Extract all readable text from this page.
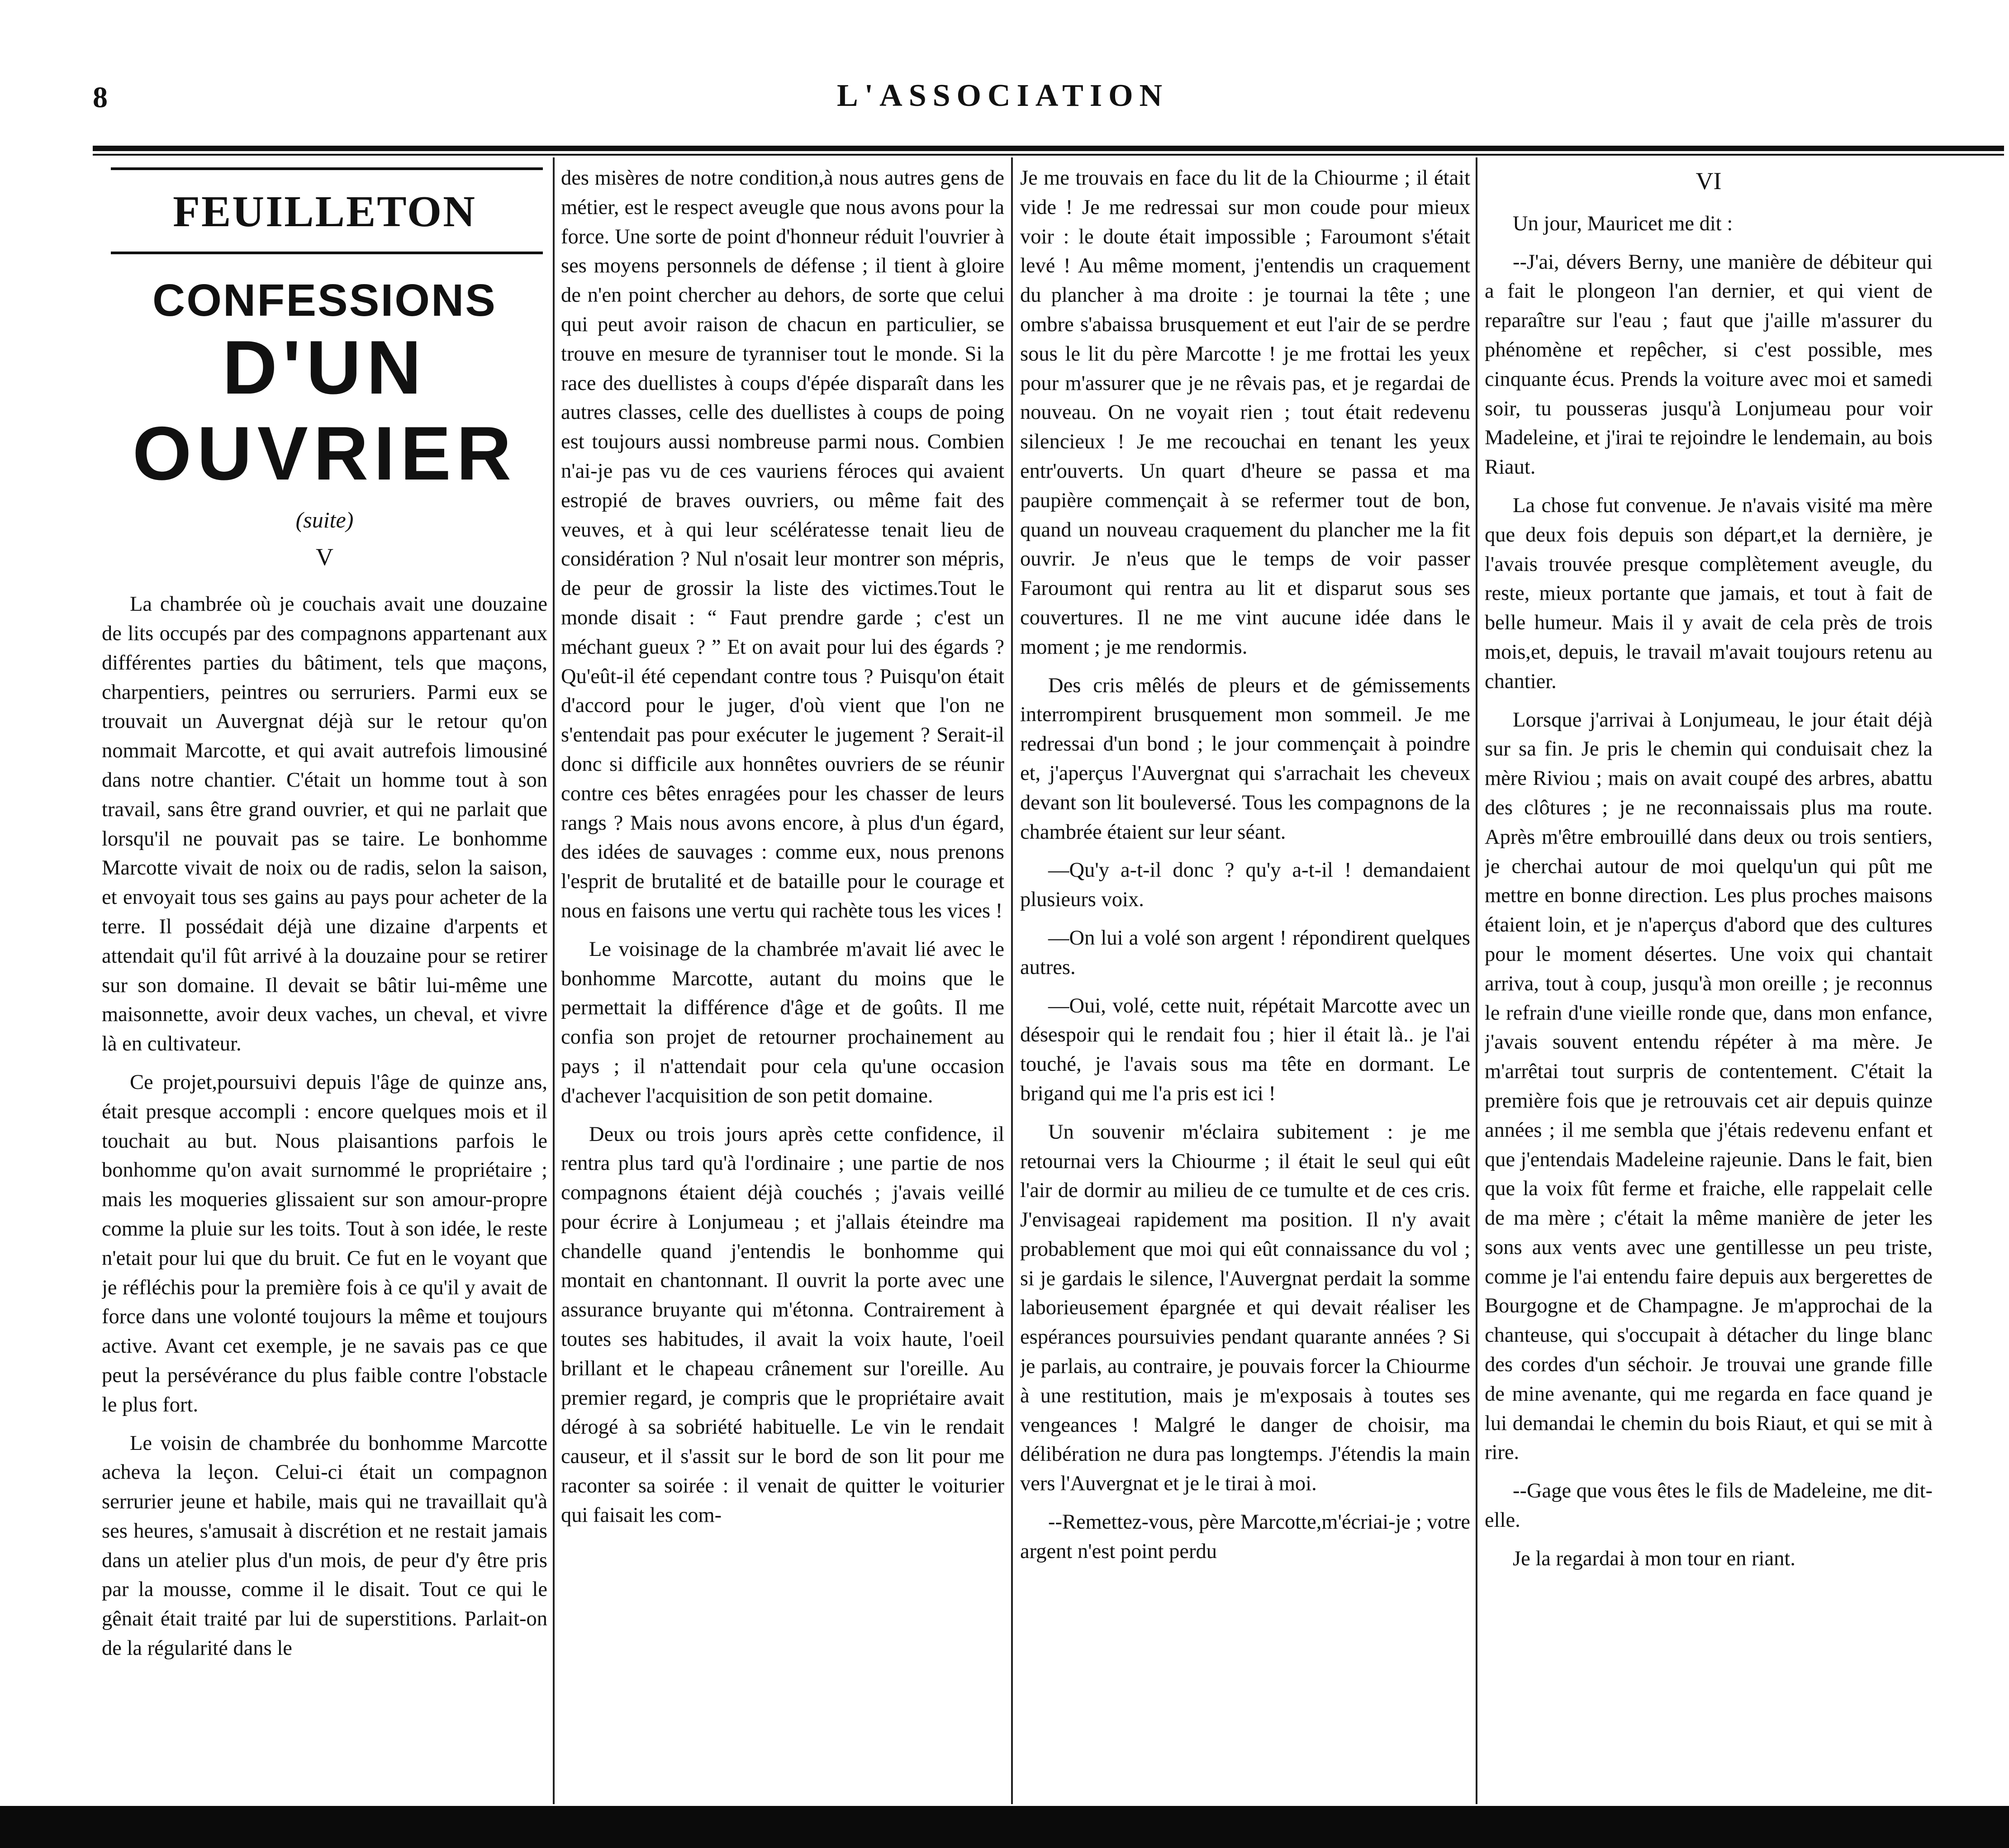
8	L'ASSOCIATION
FEUILLETON
CONFESSIONS
D'UN OUVRIER
(suite)
V

La chambrée où je couchais avait une douzaine de lits occupés par des compagnons appartenant aux différentes parties du bâtiment, tels que maçons, charpentiers, peintres ou serruriers. Parmi eux se trouvait un Auvergnat déjà sur le retour qu'on nommait Marcotte, et qui avait autrefois limousiné dans notre chantier. C'était un homme tout à son travail, sans être grand ouvrier, et qui ne parlait que lorsqu'il ne pouvait pas se taire. Le bonhomme Marcotte vivait de noix ou de radis, selon la saison, et envoyait tous ses gains au pays pour acheter de la terre. Il possédait déjà une dizaine d'arpents et attendait qu'il fût arrivé à la douzaine pour se retirer sur son domaine. Il devait se bâtir lui-même une maisonnette, avoir deux vaches, un cheval, et vivre là en cultivateur.

Ce projet,poursuivi depuis l'âge de quinze ans, était presque accompli : encore quelques mois et il touchait au but. Nous plaisantions parfois le bonhomme qu'on avait surnommé le propriétaire ; mais les moqueries glissaient sur son amour-propre comme la pluie sur les toits. Tout à son idée, le reste n'etait pour lui que du bruit. Ce fut en le voyant que je réfléchis pour la première fois à ce qu'il y avait de force dans une volonté toujours la même et toujours active. Avant cet exemple, je ne savais pas ce que peut la persévérance du plus faible contre l'obstacle le plus fort.

Le voisin de chambrée du bonhomme Marcotte acheva la leçon. Celui-ci était un compagnon serrurier jeune et habile, mais qui ne travaillait qu'à ses heures, s'amusait à discrétion et ne restait jamais dans un atelier plus d'un mois, de peur d'y être pris par la mousse, comme il le disait. Tout ce qui le gênait était traité par lui de superstitions. Parlait-on de la régularité dans le

des misères de notre condition,à nous autres gens de métier, est le respect aveugle que nous avons pour la force. Une sorte de point d'honneur réduit l'ouvrier à ses moyens personnels de défense ; il tient à gloire de n'en point chercher au dehors, de sorte que celui qui peut avoir raison de chacun en particulier, se trouve en mesure de tyranniser tout le monde. Si la race des duellistes à coups d'épée disparaît dans les autres classes, celle des duellistes à coups de poing est toujours aussi nombreuse parmi nous. Combien n'ai-je pas vu de ces vauriens féroces qui avaient estropié de braves ouvriers, ou même fait des veuves, et à qui leur scélératesse tenait lieu de considération ? Nul n'osait leur montrer son mépris, de peur de grossir la liste des victimes.Tout le monde disait : “ Faut prendre garde ; c'est un méchant gueux ? ” Et on avait pour lui des égards ? Qu'eût-il été cependant contre tous ? Puisqu'on était d'accord pour le juger, d'où vient que l'on ne s'entendait pas pour exécuter le jugement ? Serait-il donc si difficile aux honnêtes ouvriers de se réunir contre ces bêtes enragées pour les chasser de leurs rangs ? Mais nous avons encore, à plus d'un égard, des idées de sauvages : comme eux, nous prenons l'esprit de brutalité et de bataille pour le courage et nous en faisons une vertu qui rachète tous les vices !

Le voisinage de la chambrée m'avait lié avec le bonhomme Marcotte, autant du moins que le permettait la différence d'âge et de goûts. Il me confia son projet de retourner prochainement au pays ; il n'attendait pour cela qu'une occasion d'achever l'acquisition de son petit domaine.

Deux ou trois jours après cette confidence, il rentra plus tard qu'à l'ordinaire ; une partie de nos compagnons étaient déjà couchés ; j'avais veillé pour écrire à Lonjumeau ; et j'allais éteindre ma chandelle quand j'entendis le bonhomme qui montait en chantonnant. Il ouvrit la porte avec une assurance bruyante qui m'étonna. Contrairement à toutes ses habitudes, il avait la voix haute, l'oeil brillant et le chapeau crânement sur l'oreille. Au premier regard, je compris que le propriétaire avait dérogé à sa sobriété habituelle. Le vin le rendait causeur, et il s'assit sur le bord de son lit pour me raconter sa soirée : il venait de quitter le voiturier qui faisait les com-

Je me trouvais en face du lit de la Chiourme ; il était vide ! Je me redressai sur mon coude pour mieux voir : le doute était impossible ; Faroumont s'était levé ! Au même moment, j'entendis un craquement du plancher à ma droite : je tournai la tête ; une ombre s'abaissa brusquement et eut l'air de se perdre sous le lit du père Marcotte ! je me frottai les yeux pour m'assurer que je ne rêvais pas, et je regardai de nouveau. On ne voyait rien ; tout était redevenu silencieux ! Je me recouchai en tenant les yeux entr'ouverts. Un quart d'heure se passa et ma paupière commençait à se refermer tout de bon, quand un nouveau craquement du plancher me la fit ouvrir. Je n'eus que le temps de voir passer Faroumont qui rentra au lit et disparut sous ses couvertures. Il ne me vint aucune idée dans le moment ; je me rendormis.

Des cris mêlés de pleurs et de gémissements interrompirent brusquement mon sommeil. Je me redressai d'un bond ; le jour commençait à poindre et, j'aperçus l'Auvergnat qui s'arrachait les cheveux devant son lit bouleversé. Tous les compagnons de la chambrée étaient sur leur séant.

—Qu'y a-t-il donc ? qu'y a-t-il ! demandaient plusieurs voix.

—On lui a volé son argent ! répondirent quelques autres.

—Oui, volé, cette nuit, répétait Marcotte avec un désespoir qui le rendait fou ; hier il était là.. je l'ai touché, je l'avais sous ma tête en dormant. Le brigand qui me l'a pris est ici !

Un souvenir m'éclaira subitement : je me retournai vers la Chiourme ; il était le seul qui eût l'air de dormir au milieu de ce tumulte et de ces cris. J'envisageai rapidement ma position. Il n'y avait probablement que moi qui eût connaissance du vol ; si je gardais le silence, l'Auvergnat perdait la somme laborieusement épargnée et qui devait réaliser les espérances poursuivies pendant quarante années ? Si je parlais, au contraire, je pouvais forcer la Chiourme à une restitution, mais je m'exposais à toutes ses vengeances ! Malgré le danger de choisir, ma délibération ne dura pas longtemps. J'étendis la main vers l'Auvergnat et je le tirai à moi.

--Remettez-vous, père Marcotte,m'écriai-je ; votre argent n'est point perdu

VI

Un jour, Mauricet me dit :

--J'ai, dévers Berny, une manière de débiteur qui a fait le plongeon l'an dernier, et qui vient de reparaître sur l'eau ; faut que j'aille m'assurer du phénomène et repêcher, si c'est possible, mes cinquante écus. Prends la voiture avec moi et samedi soir, tu pousseras jusqu'à Lonjumeau pour voir Madeleine, et j'irai te rejoindre le lendemain, au bois Riaut.

La chose fut convenue. Je n'avais visité ma mère que deux fois depuis son départ,et la dernière, je l'avais trouvée presque complètement aveugle, du reste, mieux portante que jamais, et tout à fait de belle humeur. Mais il y avait de cela près de trois mois,et, depuis, le travail m'avait toujours retenu au chantier.

Lorsque j'arrivai à Lonjumeau, le jour était déjà sur sa fin. Je pris le chemin qui conduisait chez la mère Riviou ; mais on avait coupé des arbres, abattu des clôtures ; je ne reconnaissais plus ma route. Après m'être embrouillé dans deux ou trois sentiers, je cherchai autour de moi quelqu'un qui pût me mettre en bonne direction. Les plus proches maisons étaient loin, et je n'aperçus d'abord que des cultures pour le moment désertes. Une voix qui chantait arriva, tout à coup, jusqu'à mon oreille ; je reconnus le refrain d'une vieille ronde que, dans mon enfance, j'avais souvent entendu répéter à ma mère. Je m'arrêtai tout surpris de contentement. C'était la première fois que je retrouvais cet air depuis quinze années ; il me sembla que j'étais redevenu enfant et que j'entendais Madeleine rajeunie. Dans le fait, bien que la voix fût ferme et fraiche, elle rappelait celle de ma mère ; c'était la même manière de jeter les sons aux vents avec une gentillesse un peu triste, comme je l'ai entendu faire depuis aux bergerettes de Bourgogne et de Champagne. Je m'approchai de la chanteuse, qui s'occupait à détacher du linge blanc des cordes d'un séchoir. Je trouvai une grande fille de mine avenante, qui me regarda en face quand je lui demandai le chemin du bois Riaut, et qui se mit à rire.

--Gage que vous êtes le fils de Madeleine, me dit-elle.

Je la regardai à mon tour en riant.
